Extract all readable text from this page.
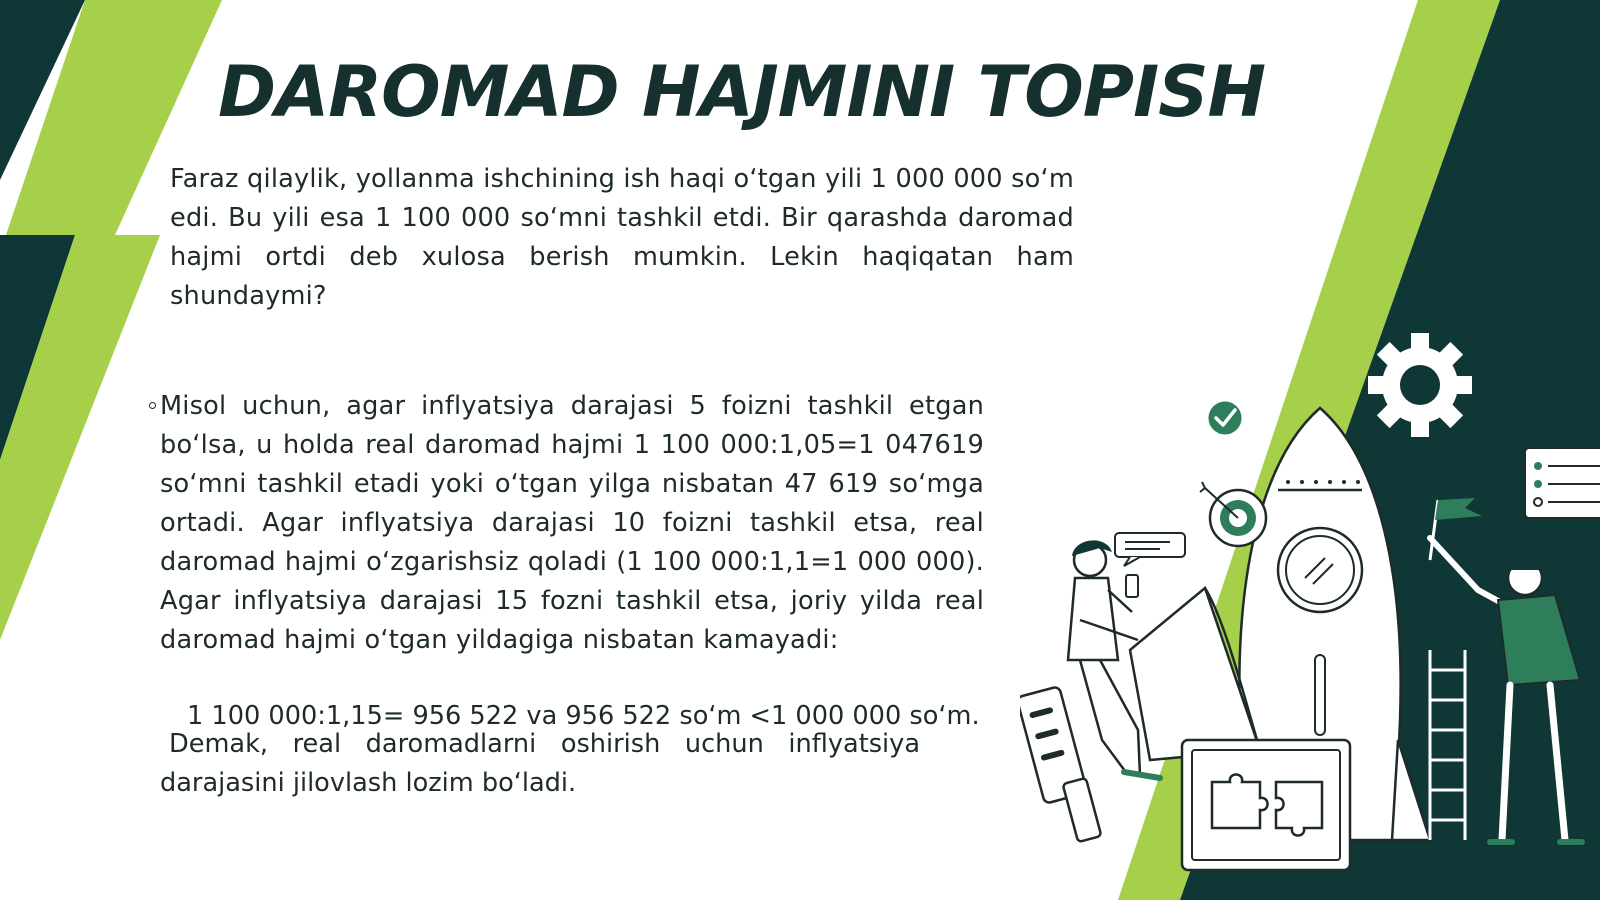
DAROMAD HAJMINI TOPISH

Faraz qilaylik, yollanma ishchining ish haqi o‘tgan yili 1 000 000 so‘m edi. Bu yili esa 1 100 000 so‘mni tashkil etdi. Bir qarashda daromad hajmi ortdi deb xulosa berish mumkin. Lekin haqiqatan ham shundaymi?

Misol uchun, agar inflyatsiya darajasi 5 foizni tashkil etgan bo‘lsa, u holda real daromad hajmi 1 100 000:1,05=1 047619 so‘mni tashkil etadi yoki o‘tgan yilga nisbatan 47 619 so‘mga ortadi. Agar inflyatsiya darajasi 10 foizni tashkil etsa, real daromad hajmi o‘zgarishsiz qoladi (1 100 000:1,1=1 000 000). Agar inflyatsiya darajasi 15 fozni tashkil etsa, joriy yilda real daromad hajmi o‘tgan yildagiga nisbatan kamayadi:

1 100 000:1,15= 956 522 va 956 522 so‘m <1 000 000 so‘m.

Demak, real daromadlarni oshirish uchun inflyatsiya
darajasini jilovlash lozim bo‘ladi.
